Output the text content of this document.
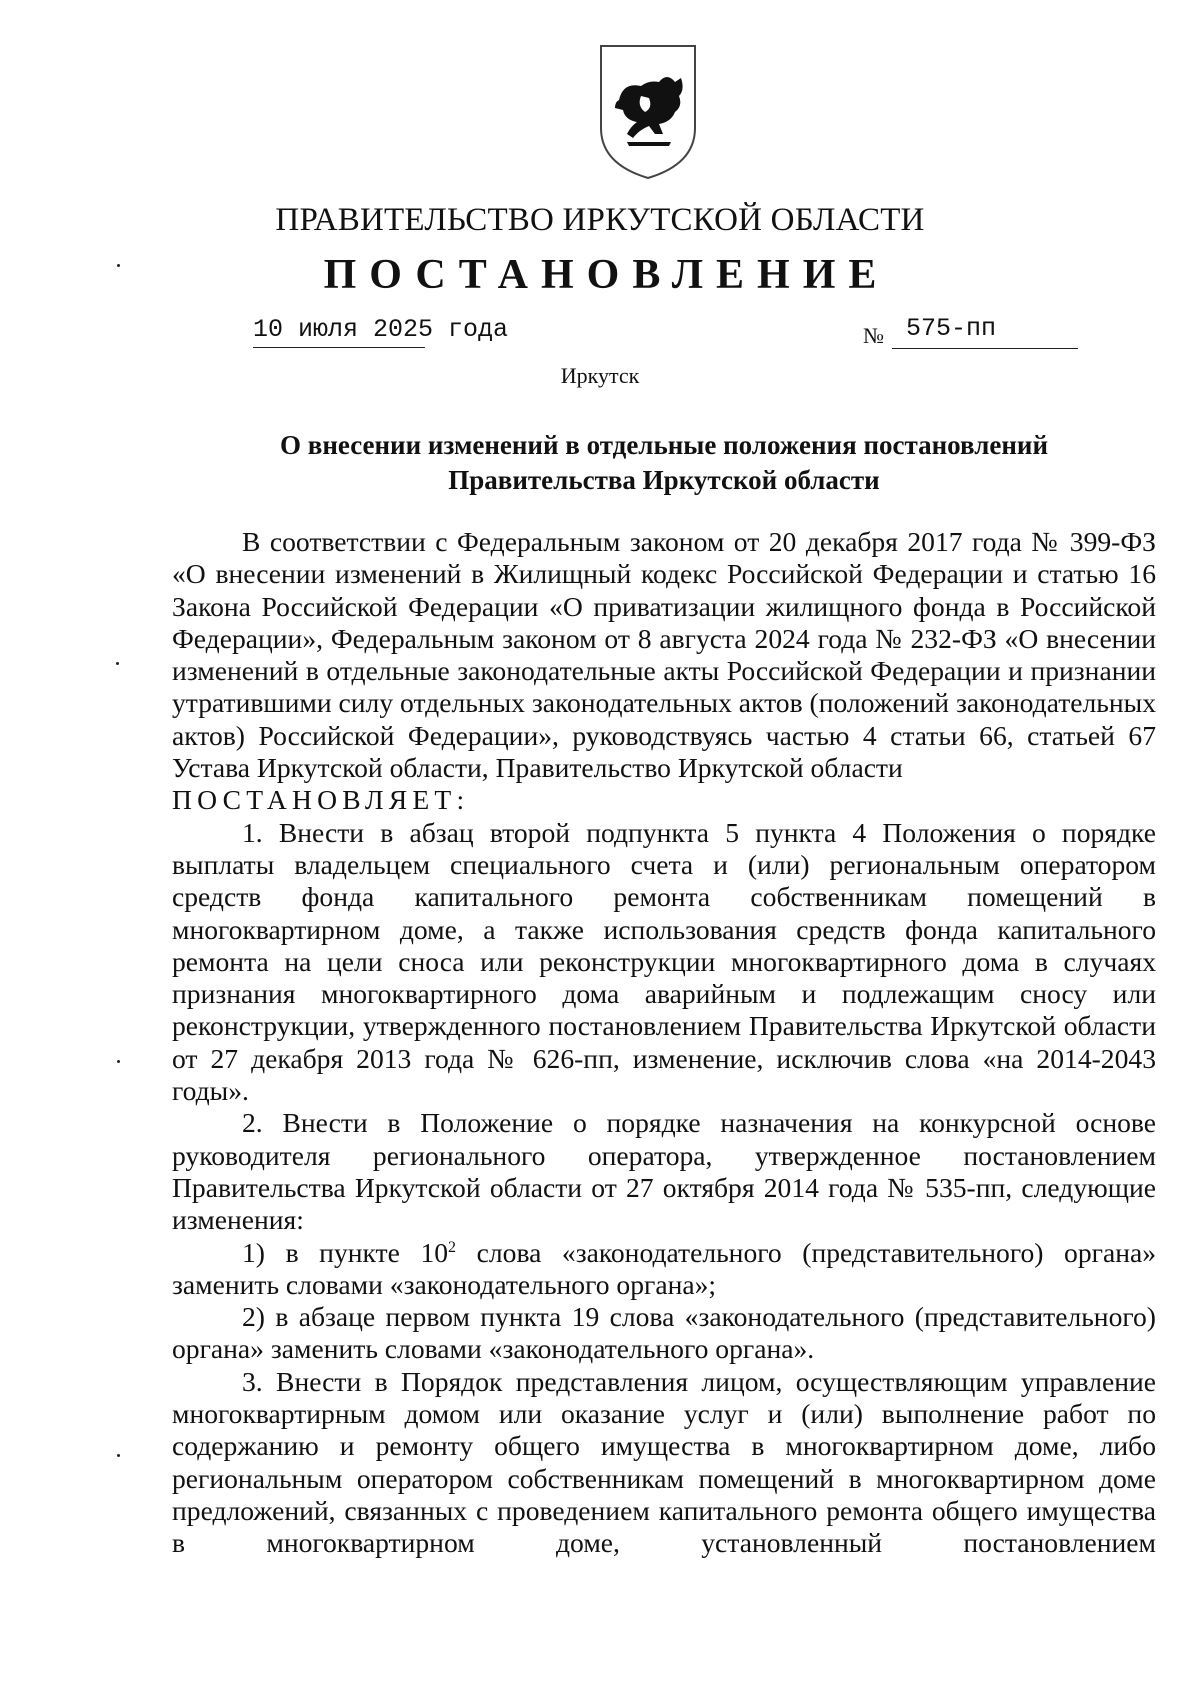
ПРАВИТЕЛЬСТВО ИРКУТСКОЙ ОБЛАСТИ
ПОСТАНОВЛЕНИЕ
10 июля 2025 года	№ 575-пп
Иркутск
О внесении изменений в отдельные положения постановлений
Правительства Иркутской области

В соответствии с Федеральным законом от 20 декабря 2017 года № 399-ФЗ «О внесении изменений в Жилищный кодекс Российской Федерации и статью 16 Закона Российской Федерации «О приватизации жилищного фонда в Российской Федерации», Федеральным законом от 8 августа 2024 года № 232-ФЗ «О внесении изменений в отдельные законодательные акты Российской Федерации и признании утратившими силу отдельных законодательных актов (положений законодательных актов) Российской Федерации», руководствуясь частью 4 статьи 66, статьей 67 Устава Иркутской области, Правительство Иркутской области

ПОСТАНОВЛЯЕТ:

1. Внести в абзац второй подпункта 5 пункта 4 Положения о порядке выплаты владельцем специального счета и (или) региональным оператором средств фонда капитального ремонта собственникам помещений в многоквартирном доме, а также использования средств фонда капитального ремонта на цели сноса или реконструкции многоквартирного дома в случаях признания многоквартирного дома аварийным и подлежащим сносу или реконструкции, утвержденного постановлением Правительства Иркутской области от 27 декабря 2013 года № 626-пп, изменение, исключив слова «на 2014-2043 годы».

2. Внести в Положение о порядке назначения на конкурсной основе руководителя регионального оператора, утвержденное постановлением Правительства Иркутской области от 27 октября 2014 года № 535-пп, следующие изменения:

1) в пункте $10^2$ слова «законодательного (представительного) органа» заменить словами «законодательного органа»;

2) в абзаце первом пункта 19 слова «законодательного (представительного) органа» заменить словами «законодательного органа».

3. Внести в Порядок представления лицом, осуществляющим управление многоквартирным домом или оказание услуг и (или) выполнение работ по содержанию и ремонту общего имущества в многоквартирном доме, либо региональным оператором собственникам помещений в многоквартирном доме предложений, связанных с проведением капитального ремонта общего имущества в многоквартирном доме, установленный постановлением
